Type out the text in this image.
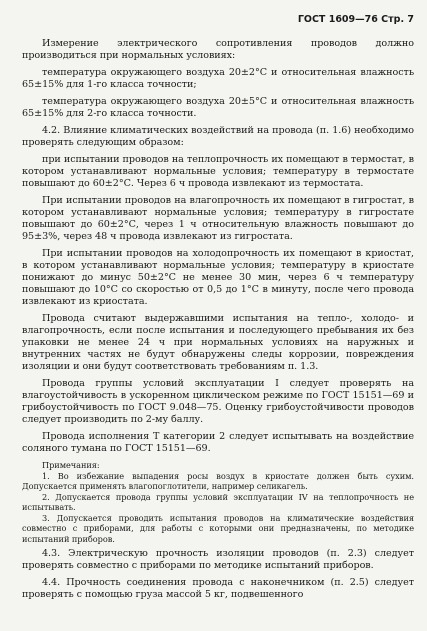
ГОСТ 1609—76 Стр. 7

Измерение электрического сопротивления проводов должно производиться при нормальных условиях:

температура окружающего воздуха 20±2°С и относительная влажность 65±15% для 1-го класса точности;

температура окружающего воздуха 20±5°С и относительная влажность 65±15% для 2-го класса точности.

4.2. Влияние климатических воздействий на провода (п. 1.6) необходимо проверять следующим образом:

при испытании проводов на теплопрочность их помещают в термостат, в котором устанавливают нормальные условия; температуру в термостате повышают до 60±2°С. Через 6 ч провода извлекают из термостата.

При испытании проводов на влагопрочность их помещают в гигростат, в котором устанавливают нормальные условия; температуру в гигростате повышают до 60±2°С, через 1 ч относительную влажность повышают до 95±3%, через 48 ч провода извлекают из гигростата.

При испытании проводов на холодопрочность их помещают в криостат, в котором устанавливают нормальные условия; температуру в криостате понижают до минус 50±2°С не менее 30 мин, через 6 ч температуру повышают до 10°С со скоростью от 0,5 до 1°С в минуту, после чего провода извлекают из криостата.

Провода считают выдержавшими испытания на тепло-, холодо- и влагопрочность, если после испытания и последующего пребывания их без упаковки не менее 24 ч при нормальных условиях на наружных и внутренних частях не будут обнаружены следы коррозии, повреждения изоляции и они будут соответствовать требованиям п. 1.3.

Провода группы условий эксплуатации I следует проверять на влагоустойчивость в ускоренном циклическом режиме по ГОСТ 15151—69 и грибоустойчивость по ГОСТ 9.048—75. Оценку грибоустойчивости проводов следует производить по 2-му баллу.

Провода исполнения Т категории 2 следует испытывать на воздействие соляного тумана по ГОСТ 15151—69.

Примечания:

1. Во избежание выпадения росы воздух в криостате должен быть сухим. Допускается применять влагопоглотители, например селикагель.

2. Допускается провода группы условий эксплуатации IV на теплопрочность не испытывать.

3. Допускается проводить испытания проводов на климатические воздействия совместно с приборами, для работы с которыми они предназначены, по методике испытаний приборов.

4.3. Электрическую прочность изоляции проводов (п. 2.3) следует проверять совместно с приборами по методике испытаний приборов.

4.4. Прочность соединения провода с наконечником (п. 2.5) следует проверять с помощью груза массой 5 кг, подвешенного
